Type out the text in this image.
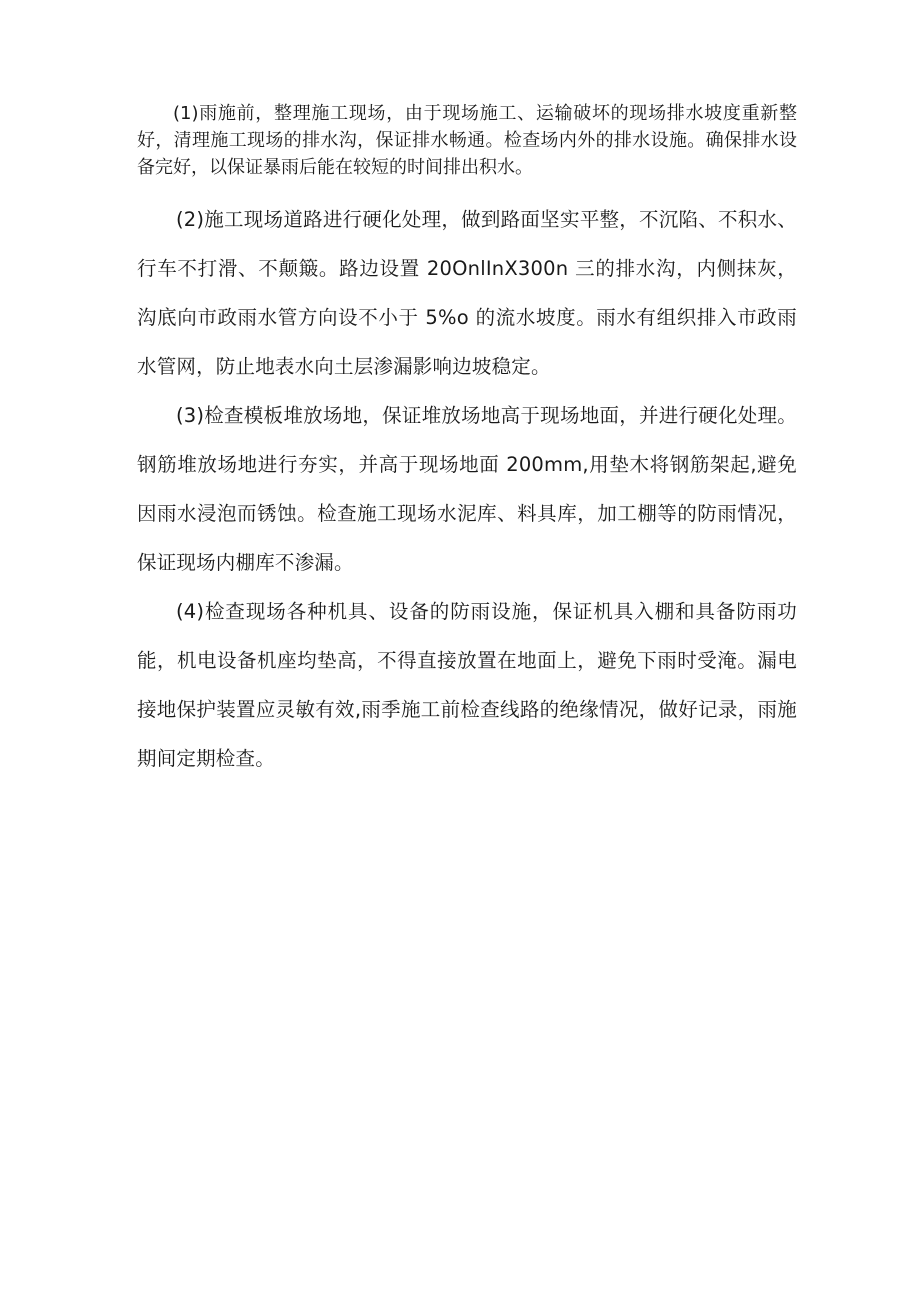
(1)雨施前，整理施工现场，由于现场施工、运输破坏的现场排水坡度重新整好，清理施工现场的排水沟，保证排水畅通。检查场内外的排水设施。确保排水设备完好，以保证暴雨后能在较短的时间排出积水。

(2)施工现场道路进行硬化处理，做到路面坚实平整，不沉陷、不积水、行车不打滑、不颠簸。路边设置 20OnlInX300n 三的排水沟，内侧抹灰，沟底向市政雨水管方向设不小于 5%o 的流水坡度。雨水有组织排入市政雨水管网，防止地表水向土层渗漏影响边坡稳定。

(3)检查模板堆放场地，保证堆放场地高于现场地面，并进行硬化处理。钢筋堆放场地进行夯实，并高于现场地面 200mm,用垫木将钢筋架起,避免因雨水浸泡而锈蚀。检查施工现场水泥库、料具库，加工棚等的防雨情况，保证现场内棚库不渗漏。

(4)检查现场各种机具、设备的防雨设施，保证机具入棚和具备防雨功能，机电设备机座均垫高，不得直接放置在地面上，避免下雨时受淹。漏电接地保护装置应灵敏有效,雨季施工前检查线路的绝缘情况，做好记录，雨施期间定期检查。
